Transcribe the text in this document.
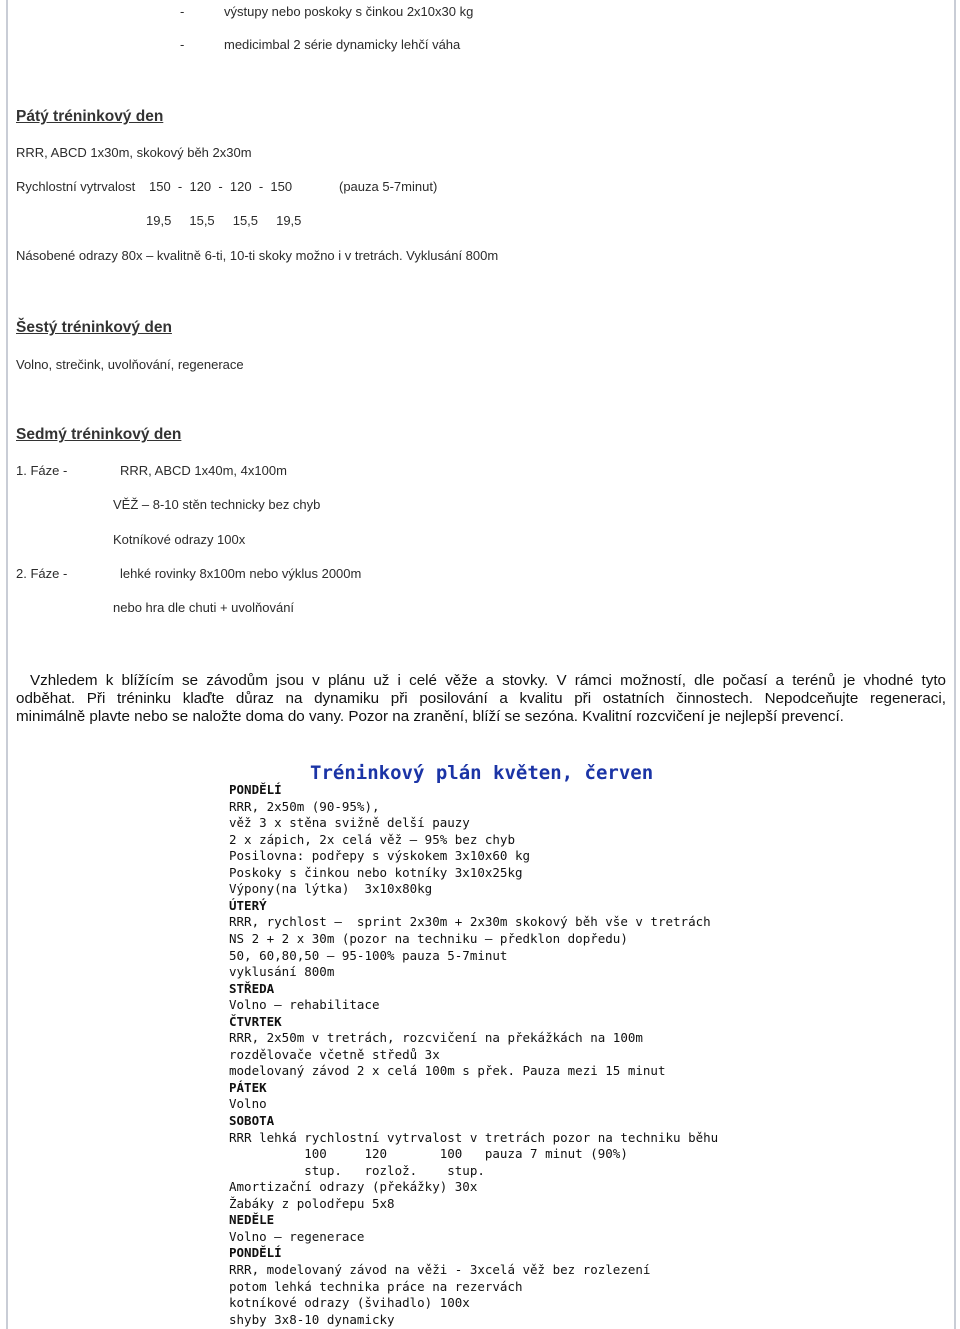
-	výstupy nebo poskoky s činkou 2x10x30 kg
-	medicimbal 2 série dynamicky lehčí váha
Pátý tréninkový den
RRR, ABCD 1x30m, skokový běh 2x30m
Rychlostní vytrvalost 150  -  120  -  120  -  150	(pauza 5-7minut)
19,5     15,5     15,5     19,5
Násobené odrazy 80x – kvalitně 6-ti, 10-ti skoky možno i v tretrách. Vyklusání 800m
Šestý tréninkový den
Volno, strečink, uvolňování, regenerace
Sedmý tréninkový den
1. Fáze -	RRR, ABCD 1x40m, 4x100m
VĚŽ – 8-10 stěn technicky bez chyb
Kotníkové odrazy 100x
2. Fáze -	lehké rovinky 8x100m nebo výklus 2000m
nebo hra dle chuti + uvolňování
Vzhledem k blížícím se závodům jsou v plánu už i celé věže a stovky. V rámci možností, dle počasí a terénů je vhodné tyto
odběhat. Při tréninku klaďte důraz na dynamiku při posilování a kvalitu při ostatních činnostech. Nepodceňujte regeneraci,
minimálně plavte nebo se naložte doma do vany. Pozor na zranění, blíží se sezóna. Kvalitní rozcvičení je nejlepší prevencí.
Tréninkový plán květen, červen
PONDĚLÍ
RRR, 2x50m (90-95%),
věž 3 x stěna svižně delší pauzy
2 x zápich, 2x celá věž – 95% bez chyb
Posilovna: podřepy s výskokem 3x10x60 kg
Poskoky s činkou nebo kotníky 3x10x25kg
Výpony(na lýtka)  3x10x80kg
ÚTERÝ
RRR, rychlost –  sprint 2x30m + 2x30m skokový běh vše v tretrách
NS 2 + 2 x 30m (pozor na techniku – předklon dopředu)
50, 60,80,50 – 95-100% pauza 5-7minut
vyklusání 800m
STŘEDA
Volno – rehabilitace
ČTVRTEK
RRR, 2x50m v tretrách, rozcvičení na překážkách na 100m
rozdělovače včetně středů 3x
modelovaný závod 2 x celá 100m s přek. Pauza mezi 15 minut
PÁTEK
Volno
SOBOTA
RRR lehká rychlostní vytrvalost v tretrách pozor na techniku běhu
100     120       100   pauza 7 minut (90%)
stup.   rozlož.    stup.
Amortizační odrazy (překážky) 30x
Žabáky z polodřepu 5x8
NEDĚLE
Volno – regenerace
PONDĚLÍ
RRR, modelovaný závod na věži - 3xcelá věž bez rozlezení
potom lehká technika práce na rezervách
kotníkové odrazy (švihadlo) 100x
shyby 3x8-10 dynamicky
